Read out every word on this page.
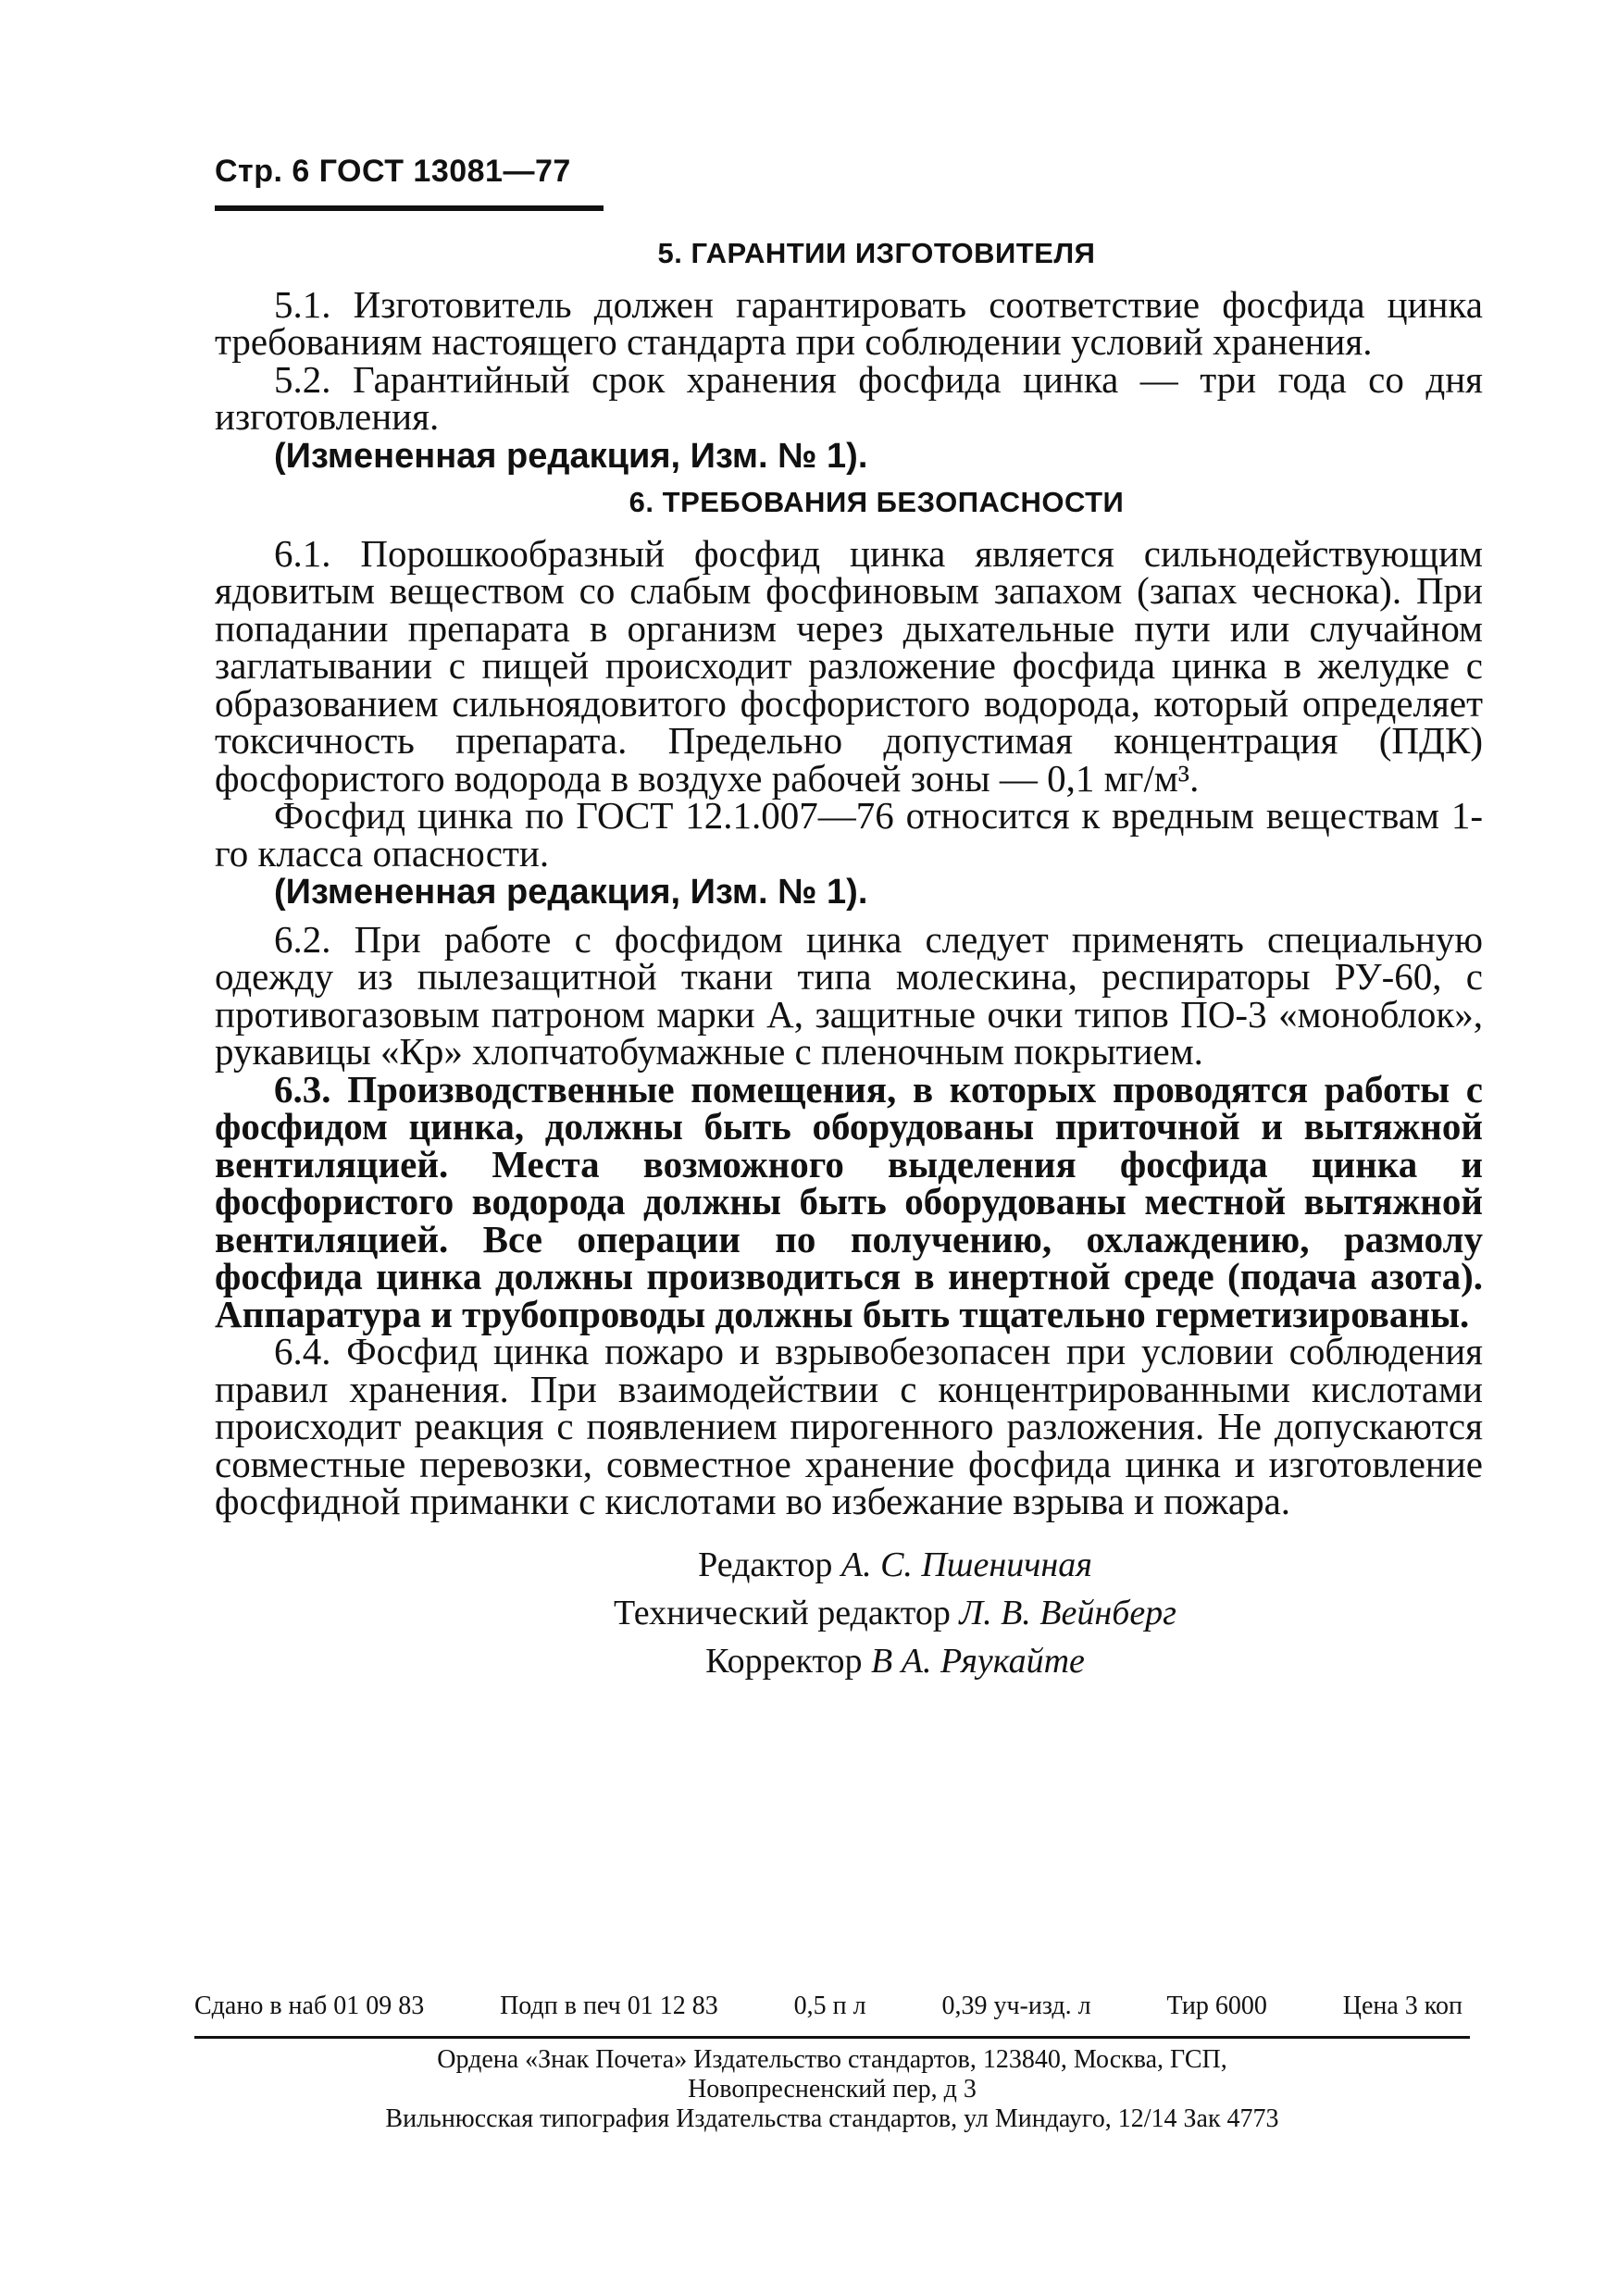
Стр. 6 ГОСТ 13081—77
5. ГАРАНТИИ ИЗГОТОВИТЕЛЯ

5.1. Изготовитель должен гарантировать соответствие фосфида цинка требованиям настоящего стандарта при соблюдении условий хранения.

5.2. Гарантийный срок хранения фосфида цинка — три года со дня изготовления.

(Измененная редакция, Изм. № 1).

6. ТРЕБОВАНИЯ БЕЗОПАСНОСТИ

6.1. Порошкообразный фосфид цинка является сильнодействующим ядовитым веществом со слабым фосфиновым запахом (запах чеснока). При попадании препарата в организм через дыхательные пути или случайном заглатывании с пищей происходит разложение фосфида цинка в желудке с образованием сильноядовитого фосфористого водорода, который определяет токсичность препарата. Предельно допустимая концентрация (ПДК) фосфористого водорода в воздухе рабочей зоны — 0,1 мг/м³.

Фосфид цинка по ГОСТ 12.1.007—76 относится к вредным веществам 1-го класса опасности.

(Измененная редакция, Изм. № 1).

6.2. При работе с фосфидом цинка следует применять специальную одежду из пылезащитной ткани типа молескина, респираторы РУ-60, с противогазовым патроном марки А, защитные очки типов ПО-3 «моноблок», рукавицы «Кр» хлопчатобумажные с пленочным покрытием.

6.3. Производственные помещения, в которых проводятся работы с фосфидом цинка, должны быть оборудованы приточной и вытяжной вентиляцией. Места возможного выделения фосфида цинка и фосфористого водорода должны быть оборудованы местной вытяжной вентиляцией. Все операции по получению, охлаждению, размолу фосфида цинка должны производиться в инертной среде (подача азота). Аппаратура и трубопроводы должны быть тщательно герметизированы.

6.4. Фосфид цинка пожаро и взрывобезопасен при условии соблюдения правил хранения. При взаимодействии с концентрированными кислотами происходит реакция с появлением пирогенного разложения. Не допускаются совместные перевозки, совместное хранение фосфида цинка и изготовление фосфидной приманки с кислотами во избежание взрыва и пожара.

Редактор А. С. Пшеничная
Технический редактор Л. В. Вейнберг
Корректор В А. Ряукайте
Сдано в наб 01 09 83	Подп в печ 01 12 83	0,5 п л	0,39 уч-изд. л	Тир 6000	Цена 3 коп
Ордена «Знак Почета» Издательство стандартов, 123840, Москва, ГСП,
Новопресненский пер, д 3
Вильнюсская типография Издательства стандартов, ул Миндауго, 12/14 Зак 4773
